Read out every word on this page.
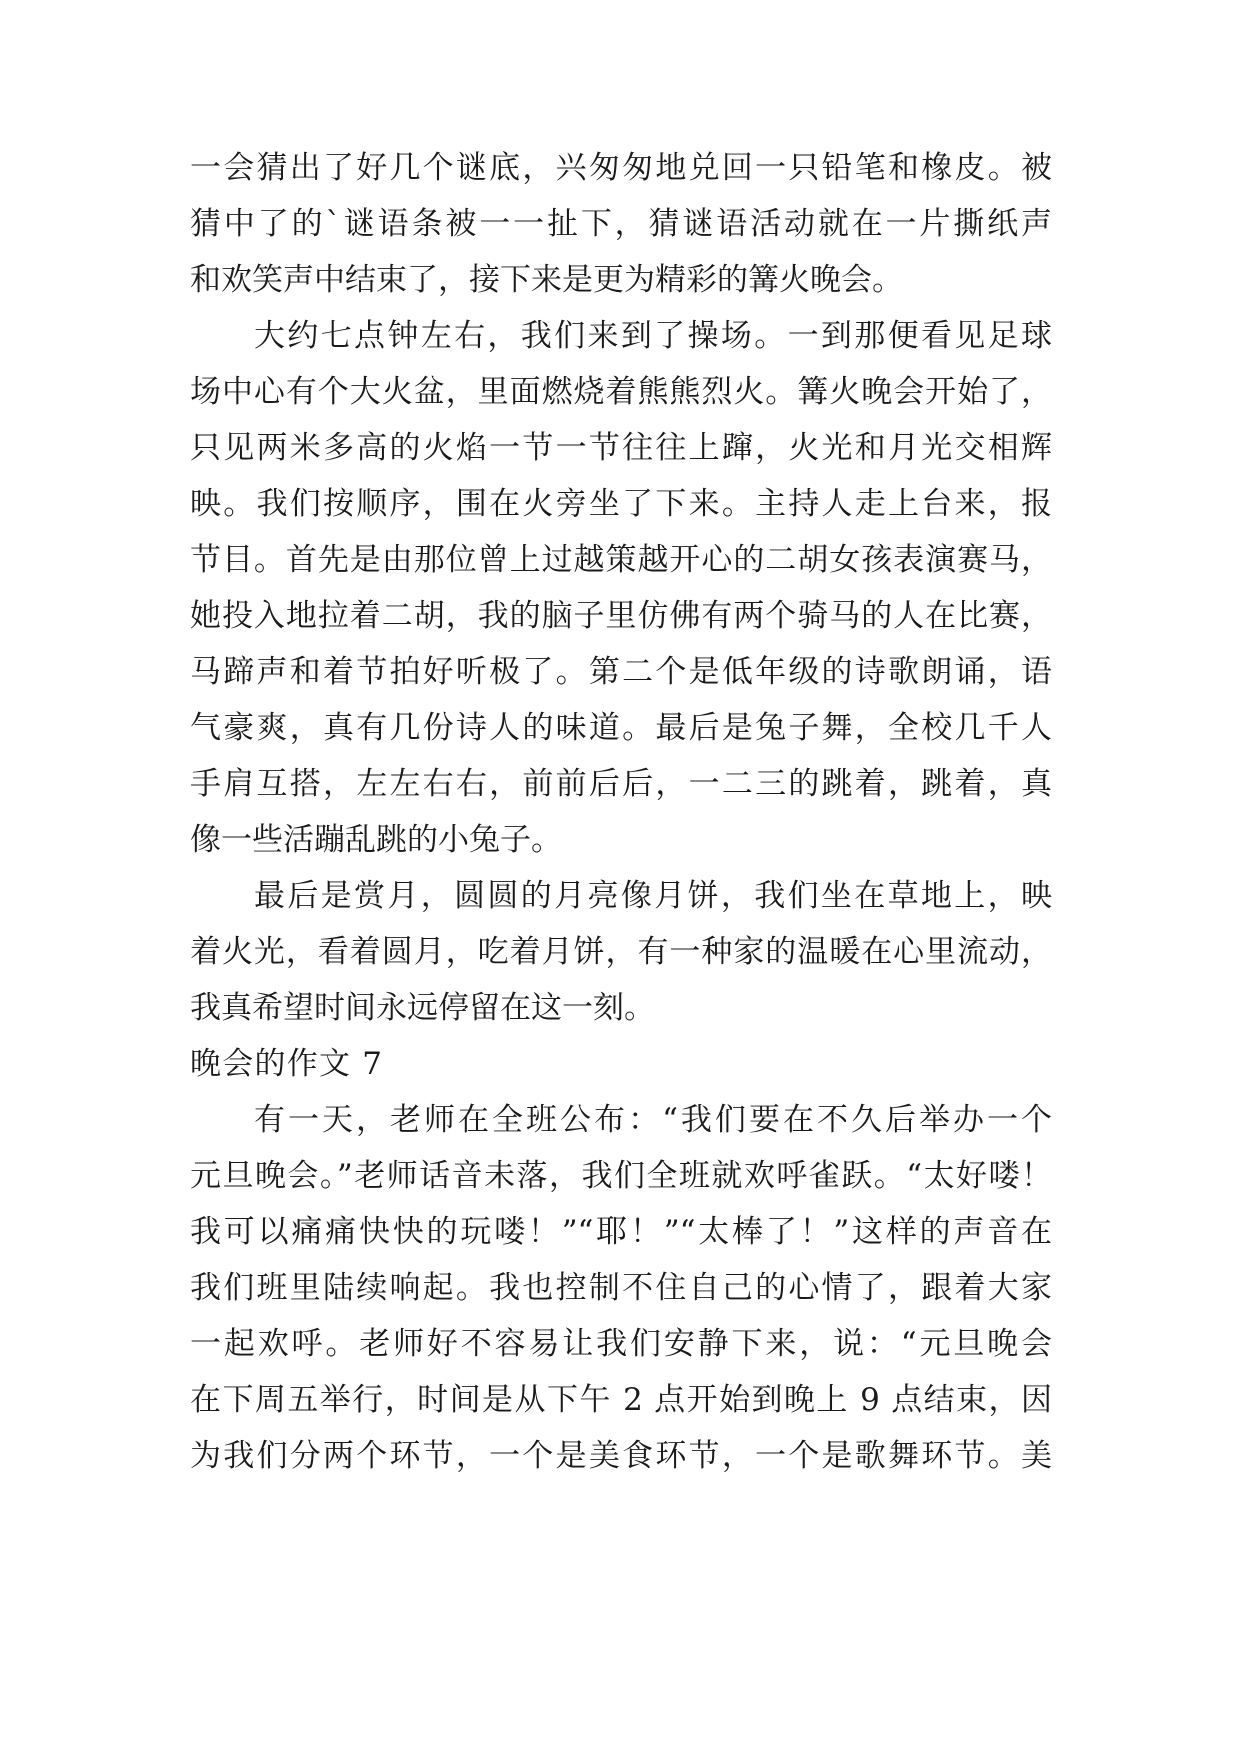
一会猜出了好几个谜底，兴匆匆地兑回一只铅笔和橡皮。被
猜中了的`谜语条被一一扯下，猜谜语活动就在一片撕纸声
和欢笑声中结束了，接下来是更为精彩的篝火晚会。
大约七点钟左右，我们来到了操场。一到那便看见足球
场中心有个大火盆，里面燃烧着熊熊烈火。篝火晚会开始了，
只见两米多高的火焰一节一节往往上蹿，火光和月光交相辉
映。我们按顺序，围在火旁坐了下来。主持人走上台来，报
节目。首先是由那位曾上过越策越开心的二胡女孩表演赛马，
她投入地拉着二胡，我的脑子里仿佛有两个骑马的人在比赛，
马蹄声和着节拍好听极了。第二个是低年级的诗歌朗诵，语
气豪爽，真有几份诗人的味道。最后是兔子舞，全校几千人
手肩互搭，左左右右，前前后后，一二三的跳着，跳着，真
像一些活蹦乱跳的小兔子。
最后是赏月，圆圆的月亮像月饼，我们坐在草地上，映
着火光，看着圆月，吃着月饼，有一种家的温暖在心里流动，
我真希望时间永远停留在这一刻。
晚会的作文 7
有一天，老师在全班公布：“我们要在不久后举办一个
元旦晚会。”老师话音未落，我们全班就欢呼雀跃。“太好喽！
我可以痛痛快快的玩喽！”“耶！”“太棒了！”这样的声音在
我们班里陆续响起。我也控制不住自己的心情了，跟着大家
一起欢呼。老师好不容易让我们安静下来，说：“元旦晚会
在下周五举行，时间是从下午 2 点开始到晚上 9 点结束，因
为我们分两个环节，一个是美食环节，一个是歌舞环节。美
